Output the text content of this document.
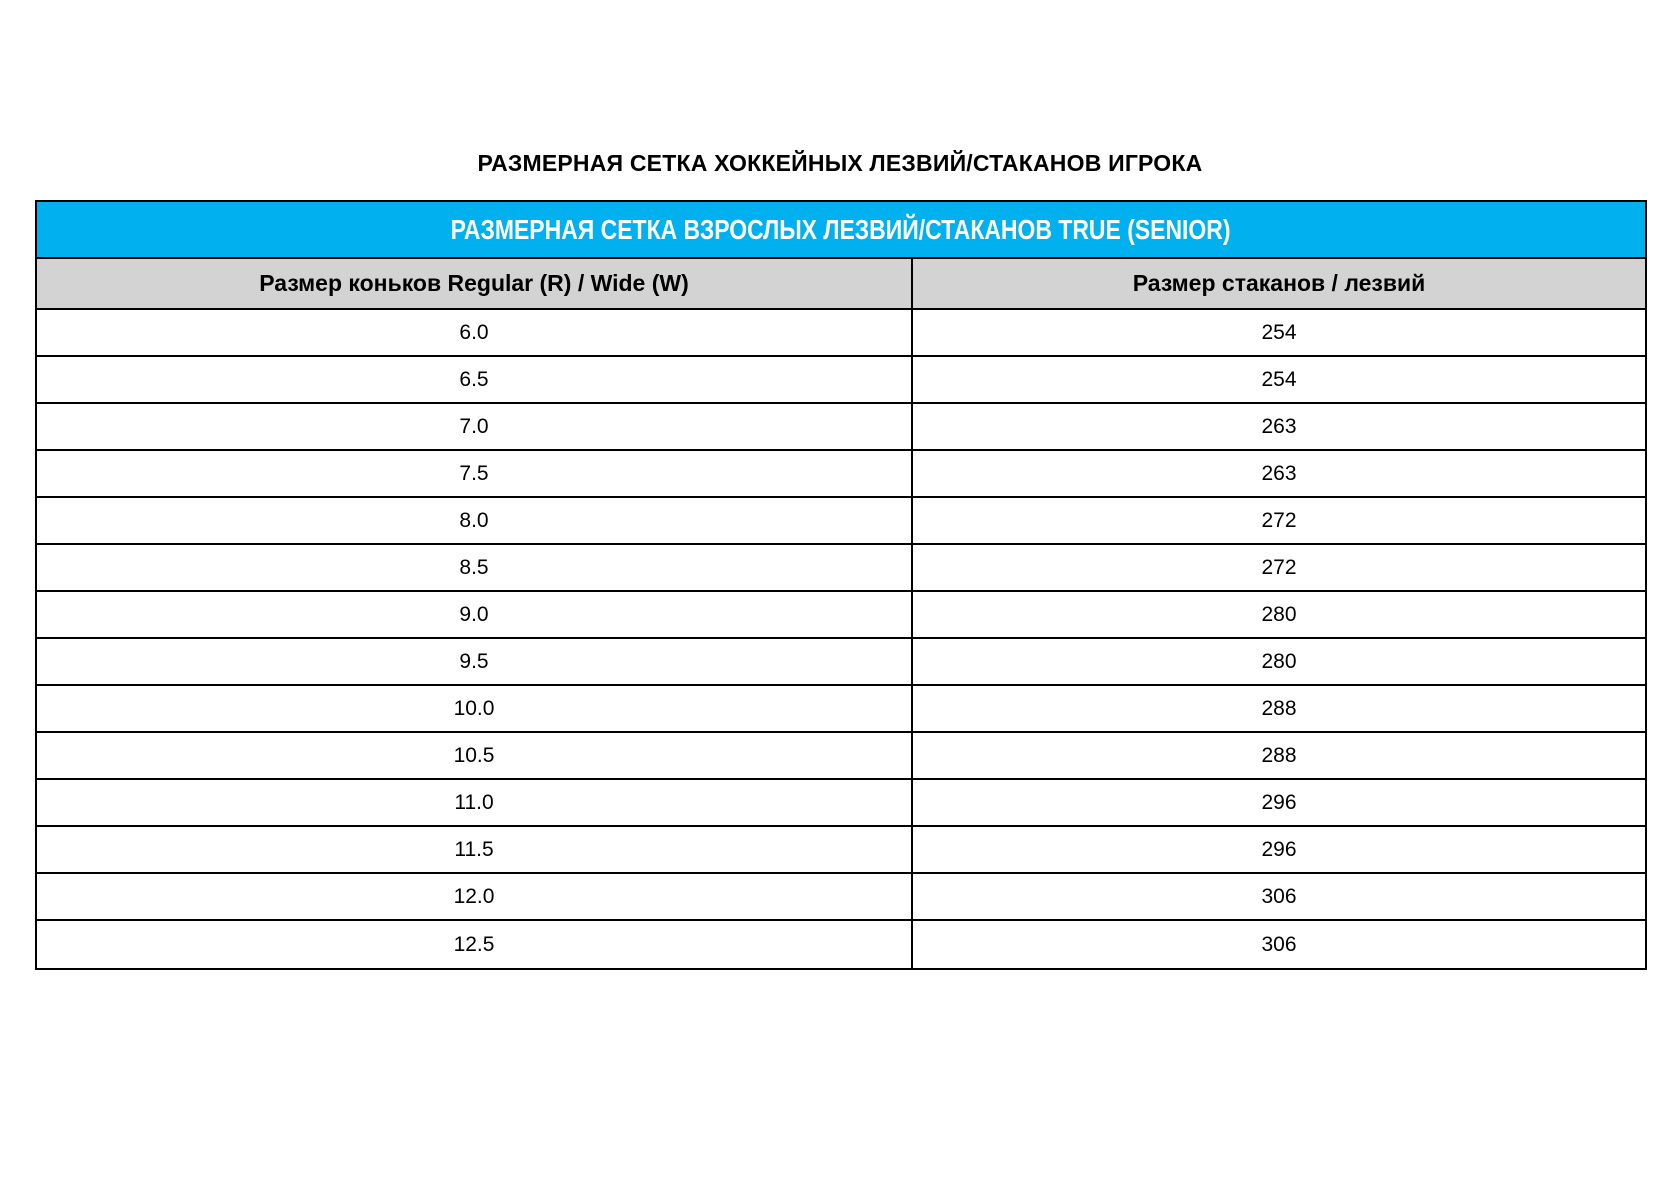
РАЗМЕРНАЯ СЕТКА ХОККЕЙНЫХ ЛЕЗВИЙ/СТАКАНОВ ИГРОКА
РАЗМЕРНАЯ СЕТКА ВЗРОСЛЫХ ЛЕЗВИЙ/СТАКАНОВ TRUE (SENIOR)
Размер коньков Regular (R) / Wide (W)	Размер стаканов / лезвий
6.0	254
6.5	254
7.0	263
7.5	263
8.0	272
8.5	272
9.0	280
9.5	280
10.0	288
10.5	288
11.0	296
11.5	296
12.0	306
12.5	306
